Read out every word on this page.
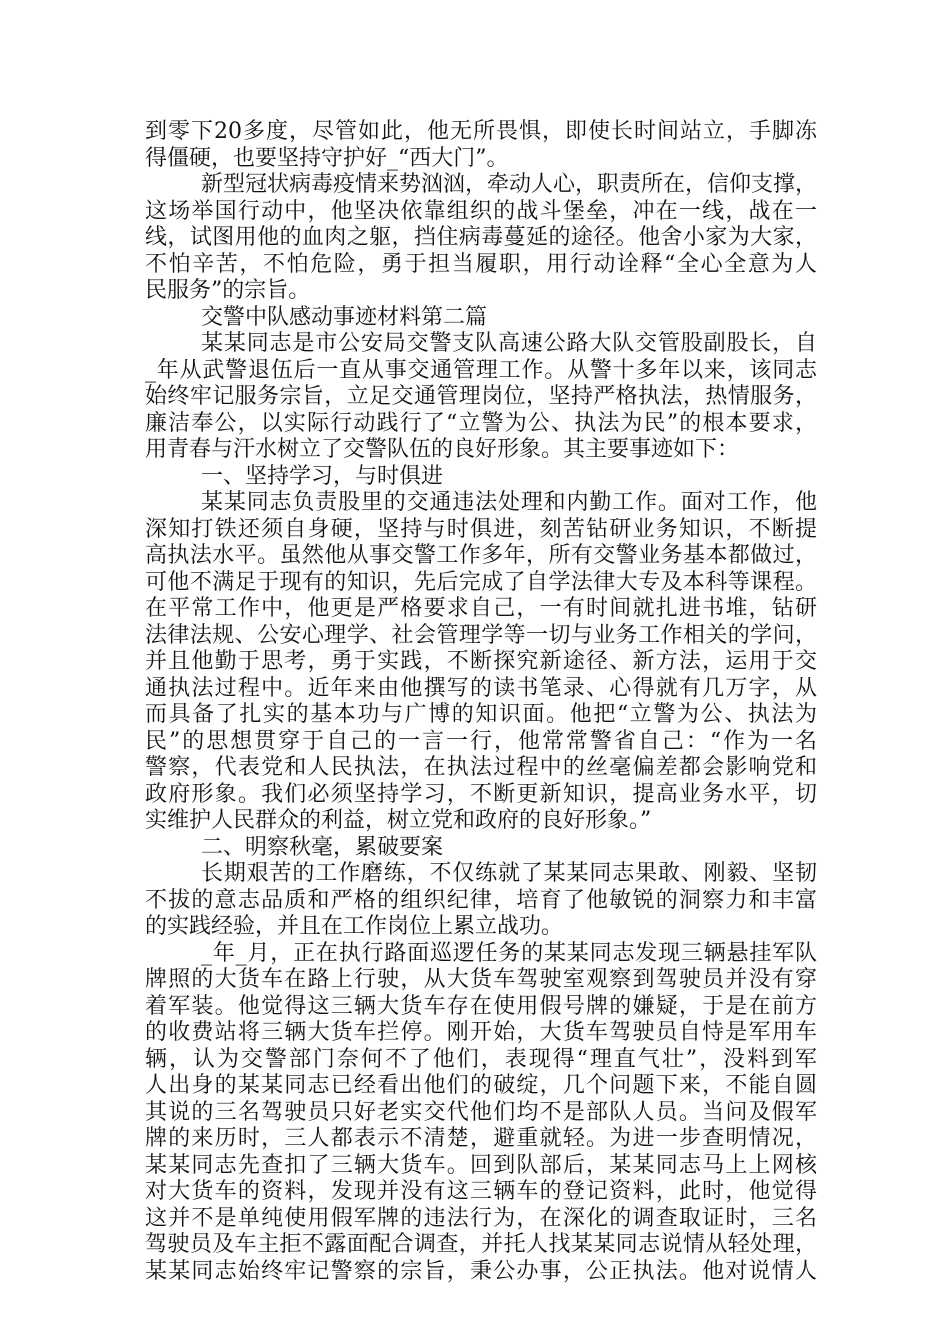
到零下20多度，尽管如此，他无所畏惧，即使长时间站立，手脚冻
得僵硬，也要坚持守护好_“西大门”。
新型冠状病毒疫情来势汹汹，牵动人心，职责所在，信仰支撑，
这场举国行动中，他坚决依靠组织的战斗堡垒，冲在一线，战在一
线，试图用他的血肉之躯，挡住病毒蔓延的途径。他舍小家为大家，
不怕辛苦，不怕危险，勇于担当履职，用行动诠释“全心全意为人
民服务”的宗旨。
交警中队感动事迹材料第二篇
某某同志是市公安局交警支队高速公路大队交管股副股长，自
_年从武警退伍后一直从事交通管理工作。从警十多年以来，该同志
始终牢记服务宗旨，立足交通管理岗位，坚持严格执法，热情服务，
廉洁奉公，以实际行动践行了“立警为公、执法为民”的根本要求，
用青春与汗水树立了交警队伍的良好形象。其主要事迹如下：
一、坚持学习，与时俱进
某某同志负责股里的交通违法处理和内勤工作。面对工作，他
深知打铁还须自身硬，坚持与时俱进，刻苦钻研业务知识，不断提
高执法水平。虽然他从事交警工作多年，所有交警业务基本都做过，
可他不满足于现有的知识，先后完成了自学法律大专及本科等课程。
在平常工作中，他更是严格要求自己，一有时间就扎进书堆，钻研
法律法规、公安心理学、社会管理学等一切与业务工作相关的学问，
并且他勤于思考，勇于实践，不断探究新途径、新方法，运用于交
通执法过程中。近年来由他撰写的读书笔录、心得就有几万字，从
而具备了扎实的基本功与广博的知识面。他把“立警为公、执法为
民”的思想贯穿于自己的一言一行，他常常警省自己：“作为一名
警察，代表党和人民执法，在执法过程中的丝毫偏差都会影响党和
政府形象。我们必须坚持学习，不断更新知识，提高业务水平，切
实维护人民群众的利益，树立党和政府的良好形象。”
二、明察秋毫，累破要案
长期艰苦的工作磨练，不仅练就了某某同志果敢、刚毅、坚韧
不拔的意志品质和严格的组织纪律，培育了他敏锐的洞察力和丰富
的实践经验，并且在工作岗位上累立战功。
_年_月，正在执行路面巡逻任务的某某同志发现三辆悬挂军队
牌照的大货车在路上行驶，从大货车驾驶室观察到驾驶员并没有穿
着军装。他觉得这三辆大货车存在使用假号牌的嫌疑，于是在前方
的收费站将三辆大货车拦停。刚开始，大货车驾驶员自恃是军用车
辆，认为交警部门奈何不了他们，表现得“理直气壮”，没料到军
人出身的某某同志已经看出他们的破绽，几个问题下来，不能自圆
其说的三名驾驶员只好老实交代他们均不是部队人员。当问及假军
牌的来历时，三人都表示不清楚，避重就轻。为进一步查明情况，
某某同志先查扣了三辆大货车。回到队部后，某某同志马上上网核
对大货车的资料，发现并没有这三辆车的登记资料，此时，他觉得
这并不是单纯使用假军牌的违法行为，在深化的调查取证时，三名
驾驶员及车主拒不露面配合调查，并托人找某某同志说情从轻处理，
某某同志始终牢记警察的宗旨，秉公办事，公正执法。他对说情人
